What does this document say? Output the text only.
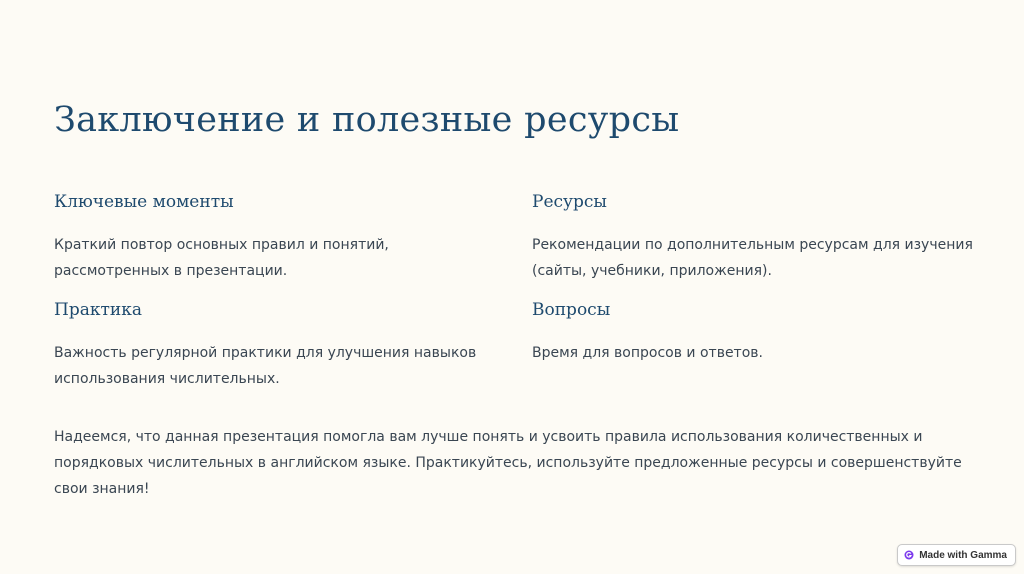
Заключение и полезные ресурсы
Ключевые моменты

Краткий повтор основных правил и понятий, рассмотренных в презентации.

Ресурсы

Рекомендации по дополнительным ресурсам для изучения (сайты, учебники, приложения).

Практика

Важность регулярной практики для улучшения навыков использования числительных.

Вопросы

Время для вопросов и ответов.

Надеемся, что данная презентация помогла вам лучше понять и усвоить правила использования количественных и порядковых числительных в английском языке. Практикуйтесь, используйте предложенные ресурсы и совершенствуйте свои знания!

Made with Gamma
